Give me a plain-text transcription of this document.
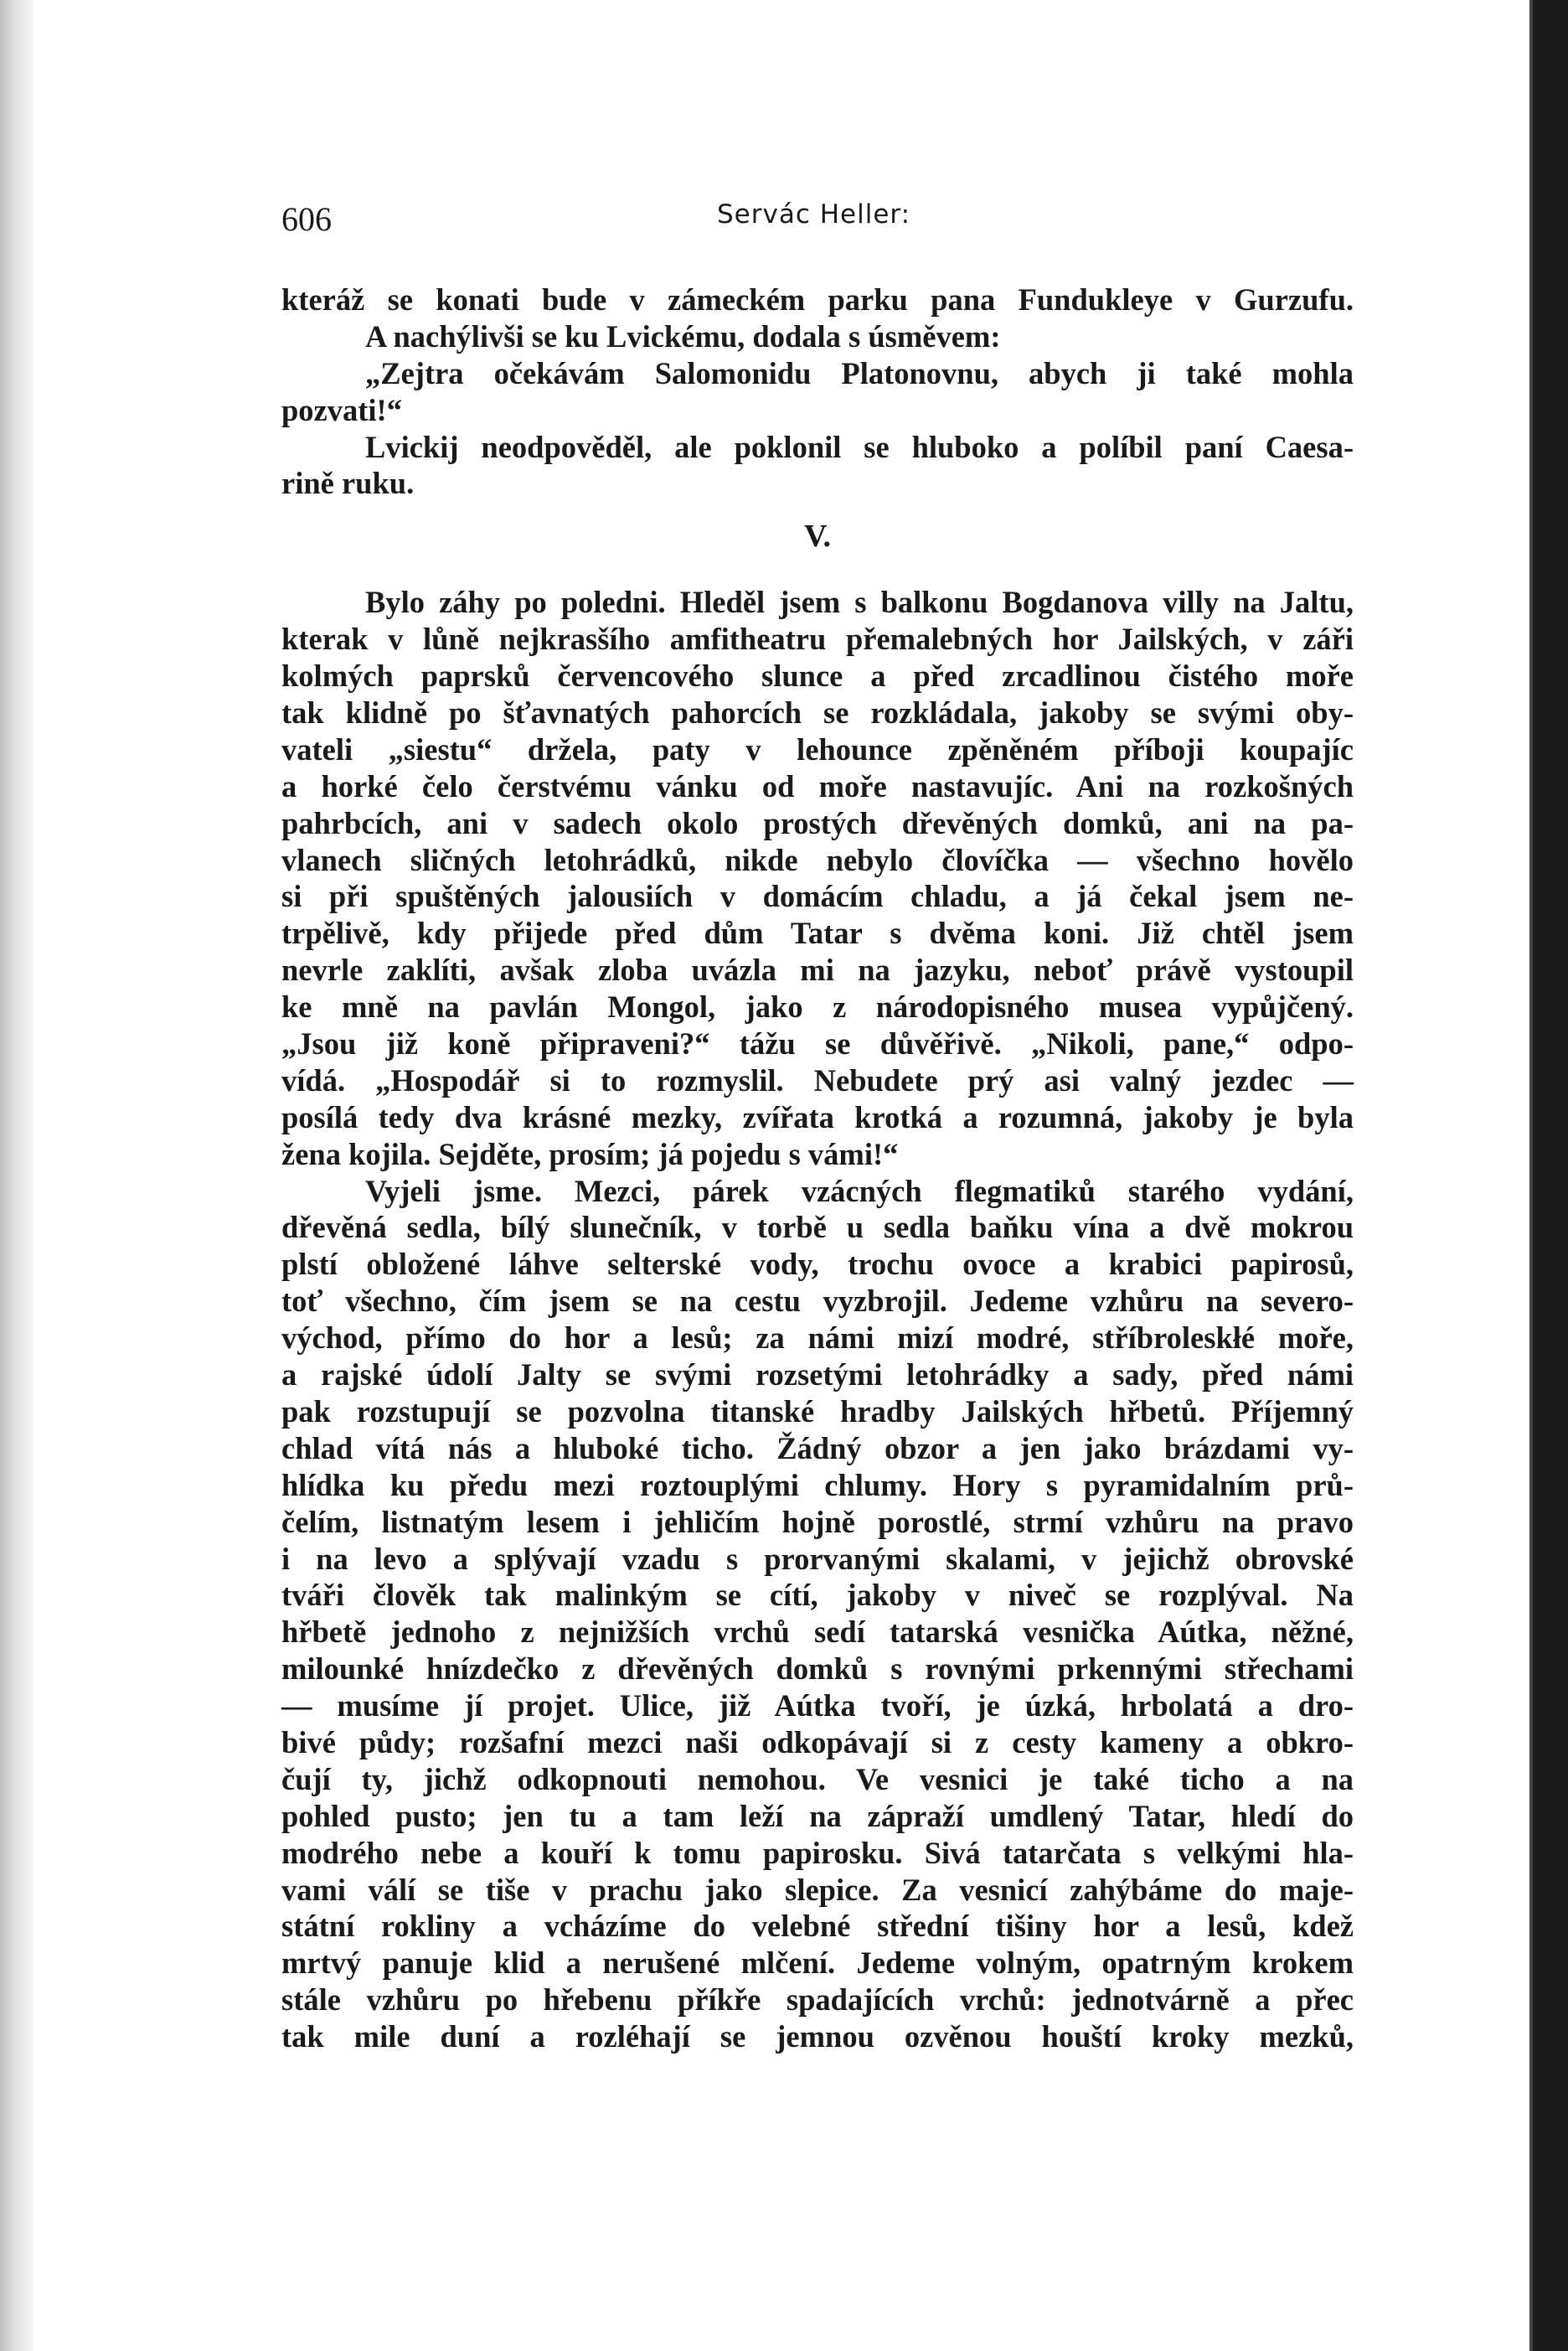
606	Servác Heller:
kteráž se konati bude v zámeckém parku pana Fundukleye v Gurzufu.
A nachýlivši se ku Lvickému, dodala s úsměvem:
„Zejtra očekávám Salomonidu Platonovnu, abych ji také mohla
pozvati!“
Lvickij neodpověděl, ale poklonil se hluboko a políbil paní Caesa-
rině ruku.
V.
Bylo záhy po poledni. Hleděl jsem s balkonu Bogdanova villy na Jaltu,
kterak v lůně nejkrasšího amfitheatru přemalebných hor Jailských, v záři
kolmých paprsků červencového slunce a před zrcadlinou čistého moře
tak klidně po šťavnatých pahorcích se rozkládala, jakoby se svými oby-
vateli „siestu“ držela, paty v lehounce zpěněném příboji koupajíc
a horké čelo čerstvému vánku od moře nastavujíc. Ani na rozkošných
pahrbcích, ani v sadech okolo prostých dřevěných domků, ani na pa-
vlanech sličných letohrádků, nikde nebylo človíčka — všechno hovělo
si při spuštěných jalousiích v domácím chladu, a já čekal jsem ne-
trpělivě, kdy přijede před dům Tatar s dvěma koni. Již chtěl jsem
nevrle zaklíti, avšak zloba uvázla mi na jazyku, neboť právě vystoupil
ke mně na pavlán Mongol, jako z národopisného musea vypůjčený.
„Jsou již koně připraveni?“ tážu se důvěřivě. „Nikoli, pane,“ odpo-
vídá. „Hospodář si to rozmyslil. Nebudete prý asi valný jezdec —
posílá tedy dva krásné mezky, zvířata krotká a rozumná, jakoby je byla
žena kojila. Sejděte, prosím; já pojedu s vámi!“
Vyjeli jsme. Mezci, párek vzácných flegmatiků starého vydání,
dřevěná sedla, bílý slunečník, v torbě u sedla baňku vína a dvě mokrou
plstí obložené láhve selterské vody, trochu ovoce a krabici papirosů,
toť všechno, čím jsem se na cestu vyzbrojil. Jedeme vzhůru na severo-
východ, přímo do hor a lesů; za námi mizí modré, stříbroleskłé moře,
a rajské údolí Jalty se svými rozsetými letohrádky a sady, před námi
pak rozstupují se pozvolna titanské hradby Jailských hřbetů. Příjemný
chlad vítá nás a hluboké ticho. Žádný obzor a jen jako brázdami vy-
hlídka ku předu mezi roztouplými chlumy. Hory s pyramidalním prů-
čelím, listnatým lesem i jehličím hojně porostlé, strmí vzhůru na pravo
i na levo a splývají vzadu s prorvanými skalami, v jejichž obrovské
tváři člověk tak malinkým se cítí, jakoby v niveč se rozplýval. Na
hřbetě jednoho z nejnižších vrchů sedí tatarská vesnička Aútka, něžné,
milounké hnízdečko z dřevěných domků s rovnými prkennými střechami
— musíme jí projet. Ulice, již Aútka tvoří, je úzká, hrbolatá a dro-
bivé půdy; rozšafní mezci naši odkopávají si z cesty kameny a obkro-
čují ty, jichž odkopnouti nemohou. Ve vesnici je také ticho a na
pohled pusto; jen tu a tam leží na zápraží umdlený Tatar, hledí do
modrého nebe a kouří k tomu papirosku. Sivá tatarčata s velkými hla-
vami válí se tiše v prachu jako slepice. Za vesnicí zahýbáme do maje-
státní rokliny a vcházíme do velebné střední tišiny hor a lesů, kdež
mrtvý panuje klid a nerušené mlčení. Jedeme volným, opatrným krokem
stále vzhůru po hřebenu příkře spadajících vrchů: jednotvárně a přec
tak mile duní a rozléhají se jemnou ozvěnou houští kroky mezků,
